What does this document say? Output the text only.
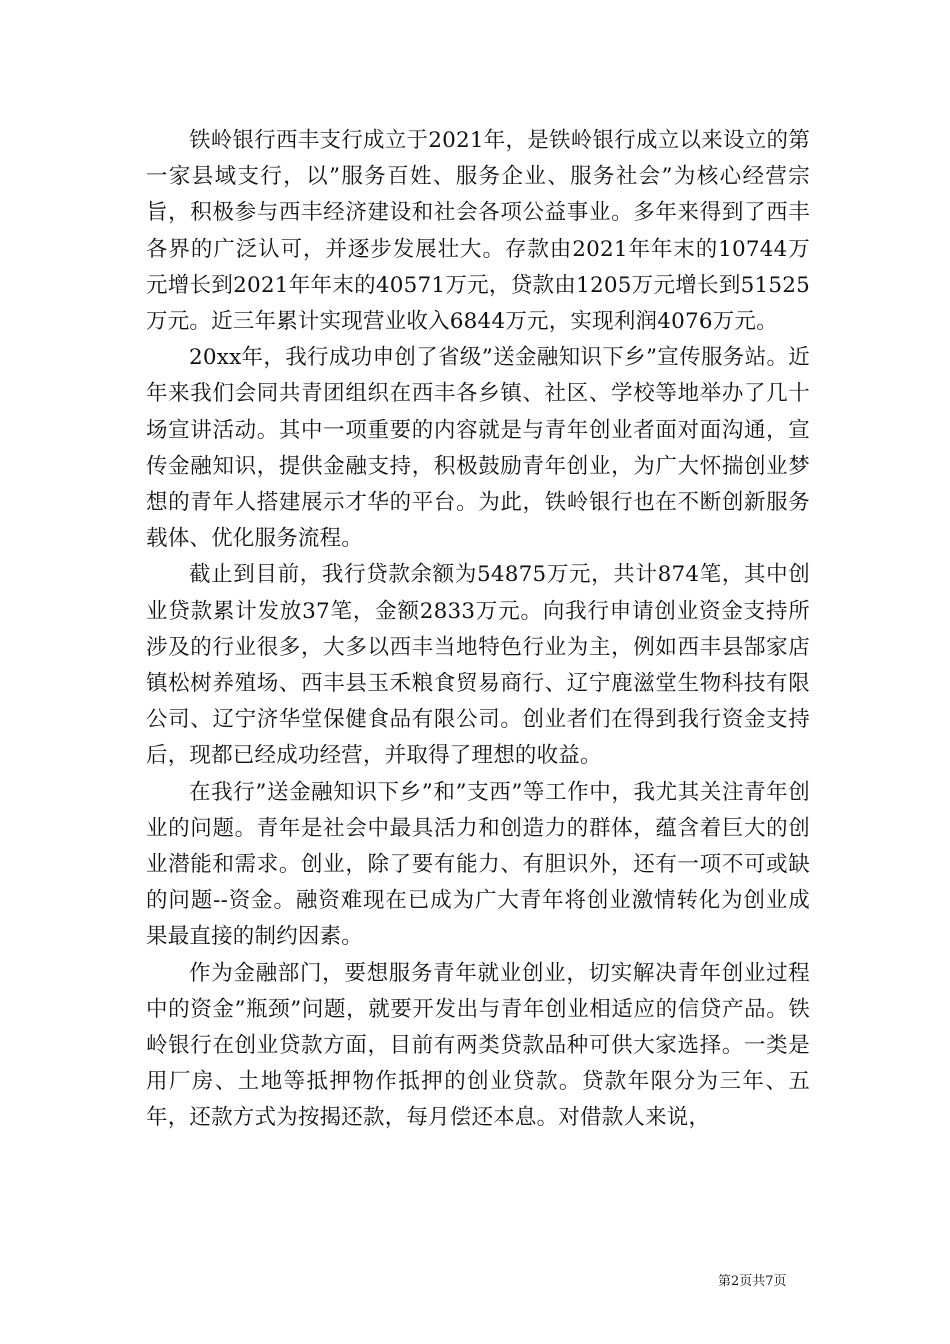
铁岭银行西丰支行成立于2021年，是铁岭银行成立以来设立的第一家县域支行，以”服务百姓、服务企业、服务社会”为核心经营宗旨，积极参与西丰经济建设和社会各项公益事业。多年来得到了西丰各界的广泛认可，并逐步发展壮大。存款由2021年年末的10744万元增长到2021年年末的40571万元，贷款由1205万元增长到51525万元。近三年累计实现营业收入6844万元，实现利润4076万元。

20xx年，我行成功申创了省级”送金融知识下乡”宣传服务站。近年来我们会同共青团组织在西丰各乡镇、社区、学校等地举办了几十场宣讲活动。其中一项重要的内容就是与青年创业者面对面沟通，宣传金融知识，提供金融支持，积极鼓励青年创业，为广大怀揣创业梦想的青年人搭建展示才华的平台。为此，铁岭银行也在不断创新服务载体、优化服务流程。

截止到目前，我行贷款余额为54875万元，共计874笔，其中创业贷款累计发放37笔，金额2833万元。向我行申请创业资金支持所涉及的行业很多，大多以西丰当地特色行业为主，例如西丰县郜家店镇松树养殖场、西丰县玉禾粮食贸易商行、辽宁鹿滋堂生物科技有限公司、辽宁济华堂保健食品有限公司。创业者们在得到我行资金支持后，现都已经成功经营，并取得了理想的收益。

在我行”送金融知识下乡”和”支西”等工作中，我尤其关注青年创业的问题。青年是社会中最具活力和创造力的群体，蕴含着巨大的创业潜能和需求。创业，除了要有能力、有胆识外，还有一项不可或缺的问题--资金。融资难现在已成为广大青年将创业激情转化为创业成果最直接的制约因素。

作为金融部门，要想服务青年就业创业，切实解决青年创业过程中的资金”瓶颈”问题，就要开发出与青年创业相适应的信贷产品。铁岭银行在创业贷款方面，目前有两类贷款品种可供大家选择。一类是用厂房、土地等抵押物作抵押的创业贷款。贷款年限分为三年、五年，还款方式为按揭还款，每月偿还本息。对借款人来说，

第2页共7页
